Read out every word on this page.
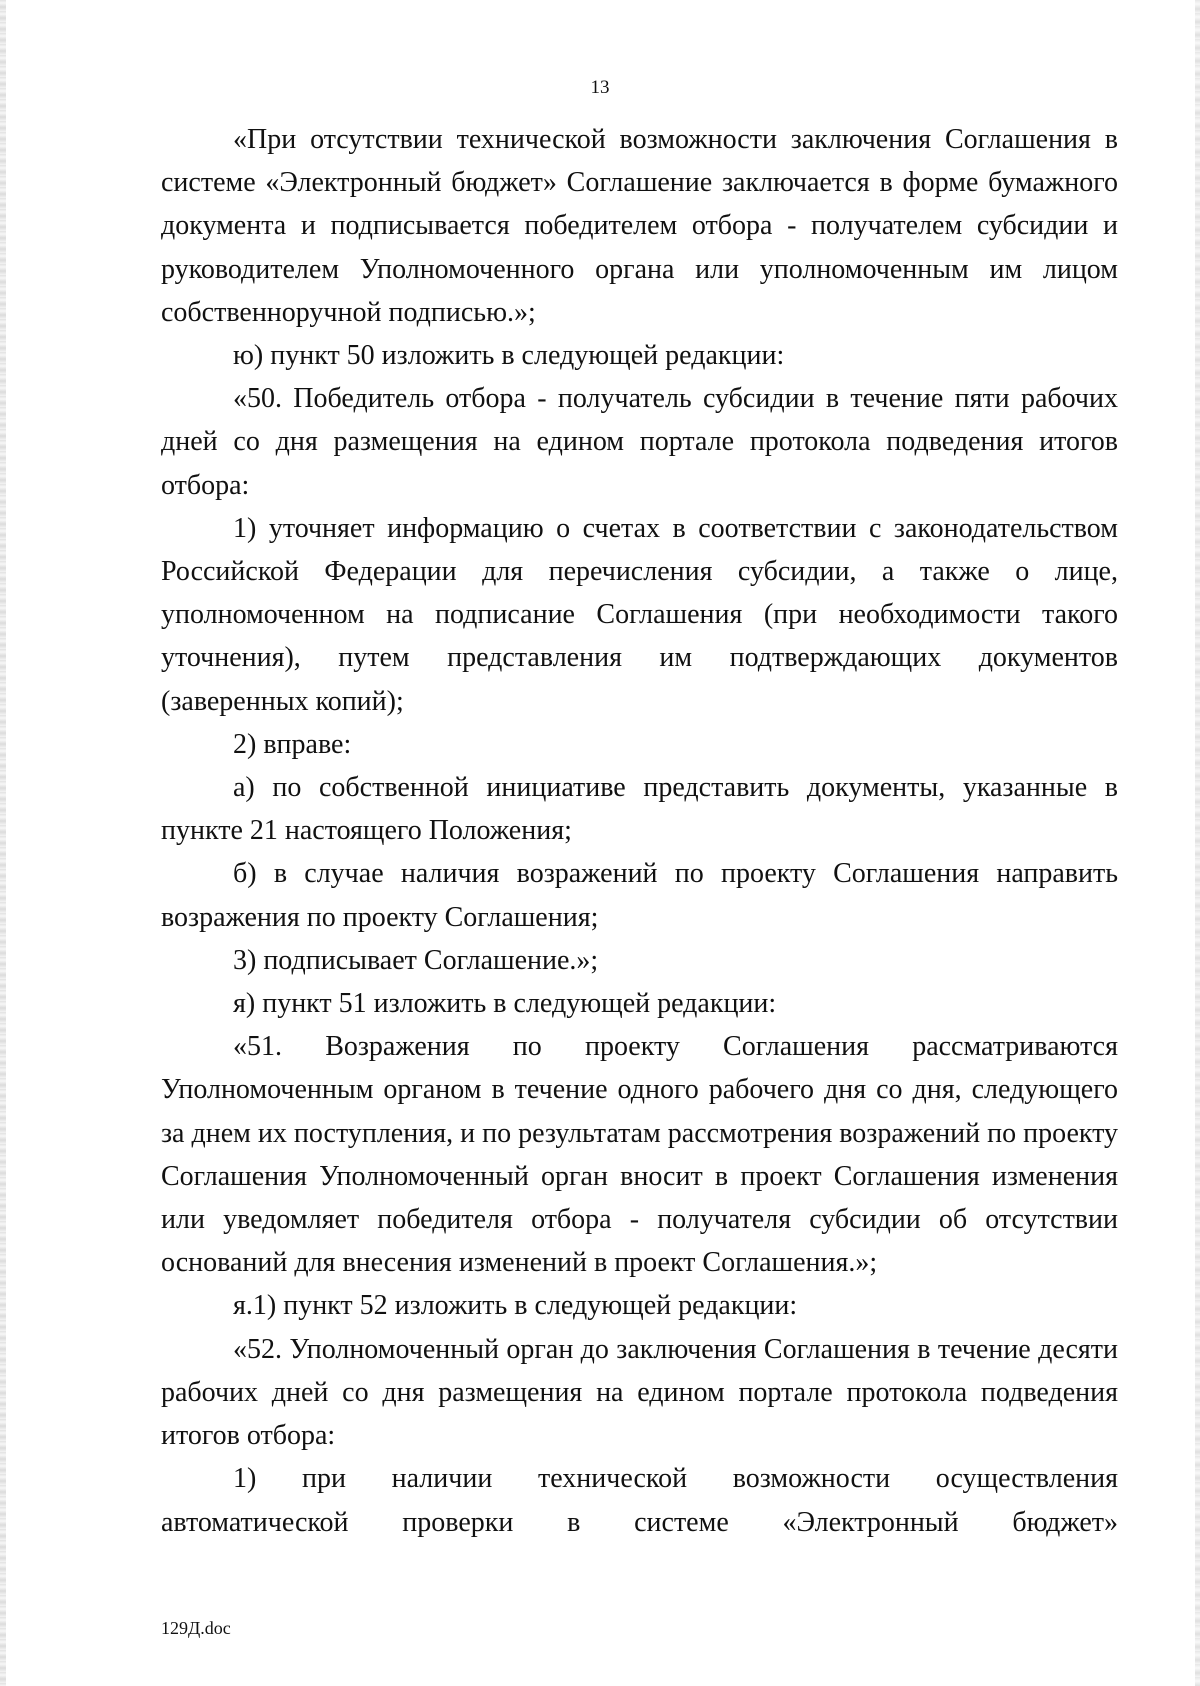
13

«При отсутствии технической возможности заключения Соглашения в системе «Электронный бюджет» Соглашение заключается в форме бумажного документа и подписывается победителем отбора - получателем субсидии и руководителем Уполномоченного органа или уполномоченным им лицом собственноручной подписью.»;

ю) пункт 50 изложить в следующей редакции:

«50. Победитель отбора - получатель субсидии в течение пяти рабочих дней со дня размещения на едином портале протокола подведения итогов отбора:

1) уточняет информацию о счетах в соответствии с законодательством Российской Федерации для перечисления субсидии, а также о лице, уполномоченном на подписание Соглашения (при необходимости такого уточнения), путем представления им подтверждающих документов (заверенных копий);

2) вправе:

а) по собственной инициативе представить документы, указанные в пункте 21 настоящего Положения;

б) в случае наличия возражений по проекту Соглашения направить возражения по проекту Соглашения;

3) подписывает Соглашение.»;

я) пункт 51 изложить в следующей редакции:

«51. Возражения по проекту Соглашения рассматриваются Уполномоченным органом в течение одного рабочего дня со дня, следующего за днем их поступления, и по результатам рассмотрения возражений по проекту Соглашения Уполномоченный орган вносит в проект Соглашения изменения или уведомляет победителя отбора - получателя субсидии об отсутствии оснований для внесения изменений в проект Соглашения.»;

я.1) пункт 52 изложить в следующей редакции:

«52. Уполномоченный орган до заключения Соглашения в течение десяти рабочих дней со дня размещения на едином портале протокола подведения итогов отбора:

1) при наличии технической возможности осуществления автоматической проверки в системе «Электронный бюджет»

129Д.doc
